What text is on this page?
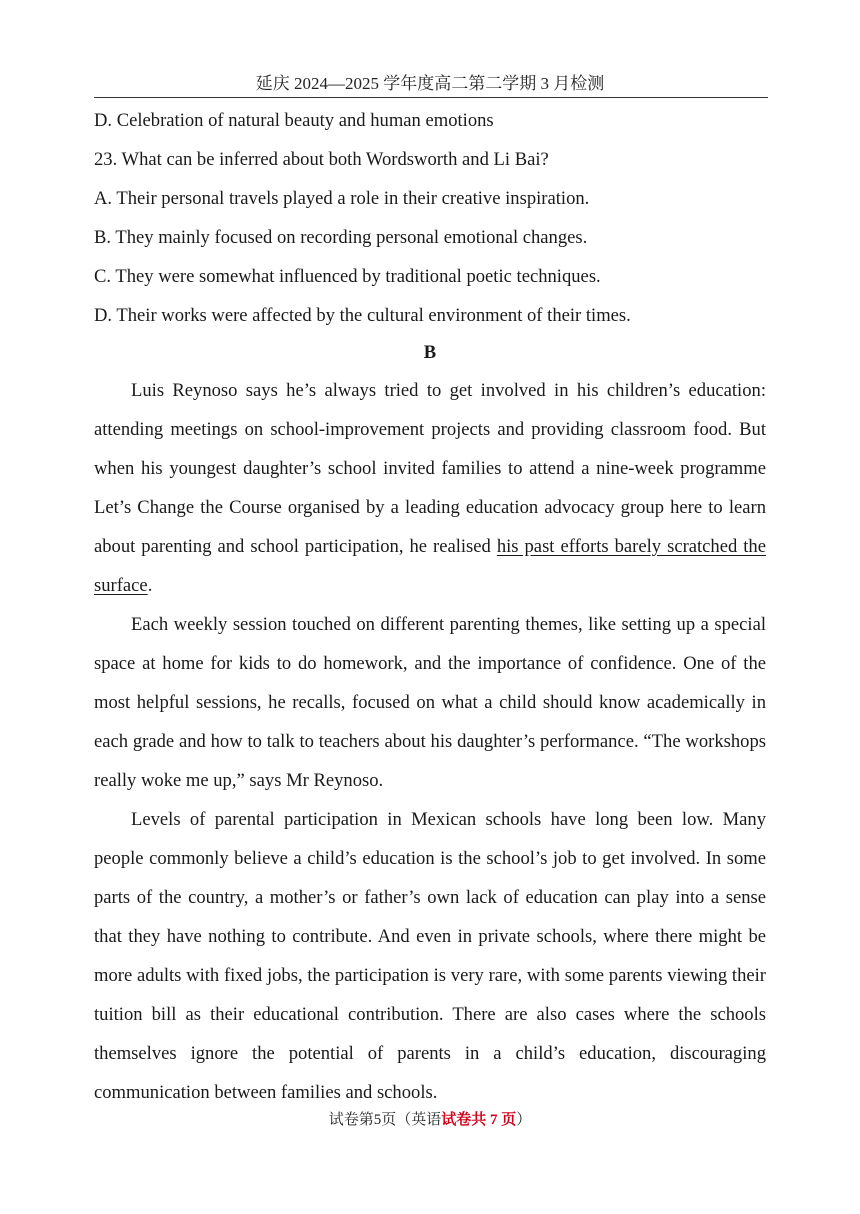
延庆 2024—2025 学年度高二第二学期 3 月检测

D. Celebration of natural beauty and human emotions

23. What can be inferred about both Wordsworth and Li Bai?

A. Their personal travels played a role in their creative inspiration.

B. They mainly focused on recording personal emotional changes.

C. They were somewhat influenced by traditional poetic techniques.

D. Their works were affected by the cultural environment of their times.

B

Luis Reynoso says he’s always tried to get involved in his children’s education: attending meetings on school-improvement projects and providing classroom food. But when his youngest daughter’s school invited families to attend a nine-week programme Let’s Change the Course organised by a leading education advocacy group here to learn about parenting and school participation, he realised his past efforts barely scratched the surface.

Each weekly session touched on different parenting themes, like setting up a special space at home for kids to do homework, and the importance of confidence. One of the most helpful sessions, he recalls, focused on what a child should know academically in each grade and how to talk to teachers about his daughter’s performance. “The workshops really woke me up,” says Mr Reynoso.

Levels of parental participation in Mexican schools have long been low. Many people commonly believe a child’s education is the school’s job to get involved. In some parts of the country, a mother’s or father’s own lack of education can play into a sense that they have nothing to contribute. And even in private schools, where there might be more adults with fixed jobs, the participation is very rare, with some parents viewing their tuition bill as their educational contribution. There are also cases where the schools themselves ignore the potential of parents in a child’s education, discouraging communication between families and schools.

试卷第5页（英语试卷共 7 页）
